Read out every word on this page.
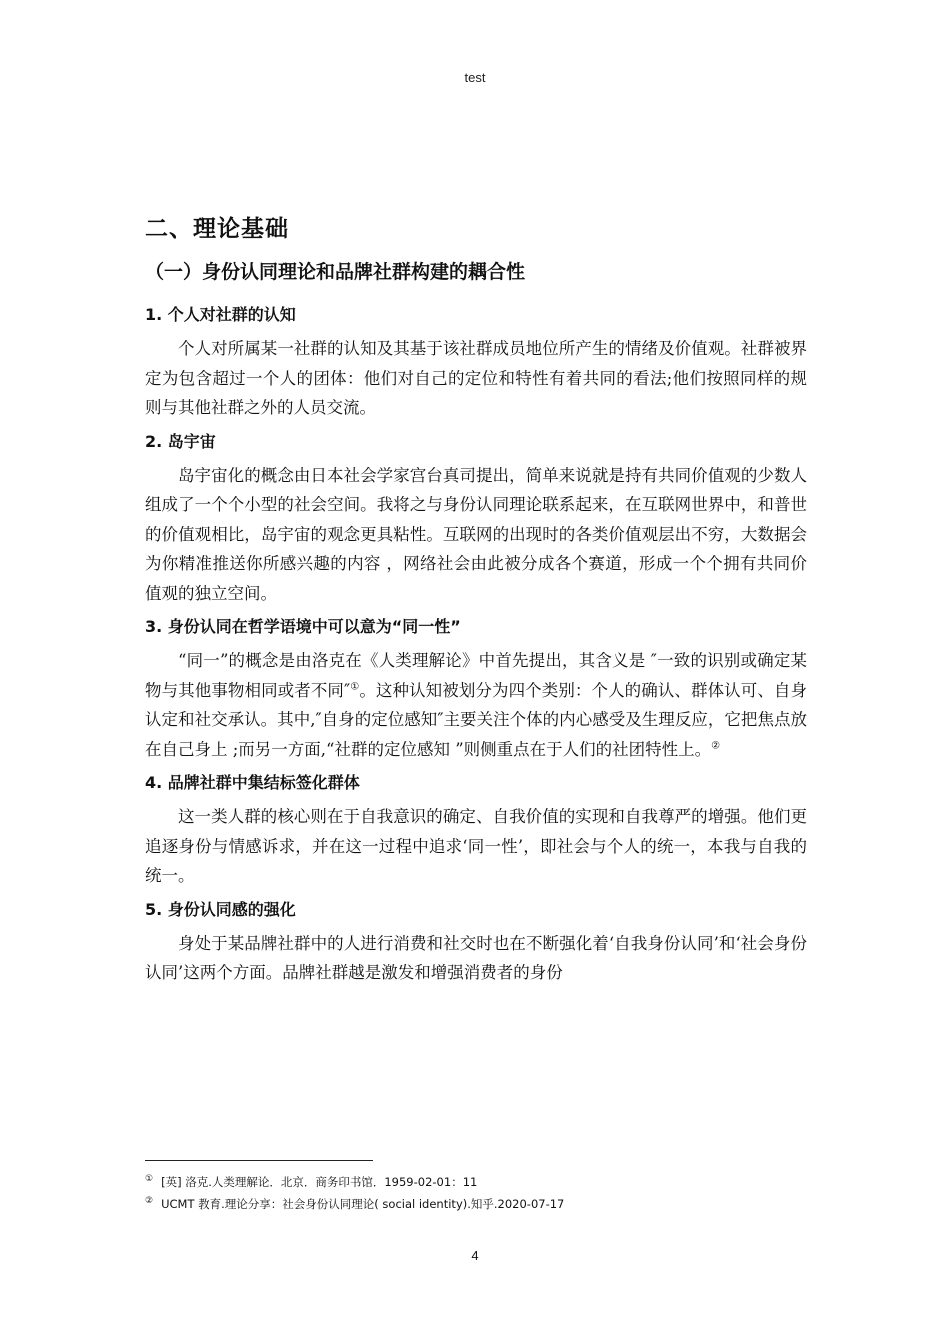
test
二、理论基础
（一）身份认同理论和品牌社群构建的耦合性
1. 个人对社群的认知

个人对所属某一社群的认知及其基于该社群成员地位所产生的情绪及价值观。社群被界定为包含超过一个人的团体：他们对自己的定位和特性有着共同的看法;他们按照同样的规则与其他社群之外的人员交流。

2. 岛宇宙

岛宇宙化的概念由日本社会学家宫台真司提出，简单来说就是持有共同价值观的少数人组成了一个个小型的社会空间。我将之与身份认同理论联系起来，在互联网世界中，和普世的价值观相比，岛宇宙的观念更具粘性。互联网的出现时的各类价值观层出不穷，大数据会为你精准推送你所感兴趣的内容 ，网络社会由此被分成各个赛道，形成一个个拥有共同价值观的独立空间。

3. 身份认同在哲学语境中可以意为“同一性”

“同一”的概念是由洛克在《人类理解论》中首先提出，其含义是 ″一致的识别或确定某物与其他事物相同或者不同″①。这种认知被划分为四个类别：个人的确认、群体认可、自身认定和社交承认。其中,″自身的定位感知″主要关注个体的内心感受及生理反应，它把焦点放在自己身上 ;而另一方面,“社群的定位感知 ”则侧重点在于人们的社团特性上。②

4. 品牌社群中集结标签化群体

这一类人群的核心则在于自我意识的确定、自我价值的实现和自我尊严的增强。他们更追逐身份与情感诉求，并在这一过程中追求‘同一性’，即社会与个人的统一，本我与自我的统一。

5. 身份认同感的强化

身处于某品牌社群中的人进行消费和社交时也在不断强化着‘自我身份认同’和‘社会身份认同’这两个方面。品牌社群越是激发和增强消费者的身份

① [英] 洛克.人类理解论．北京．商务印书馆．1959-02-01：11
② UCMT 教育.理论分享：社会身份认同理论( social identity).知乎.2020-07-17
4
